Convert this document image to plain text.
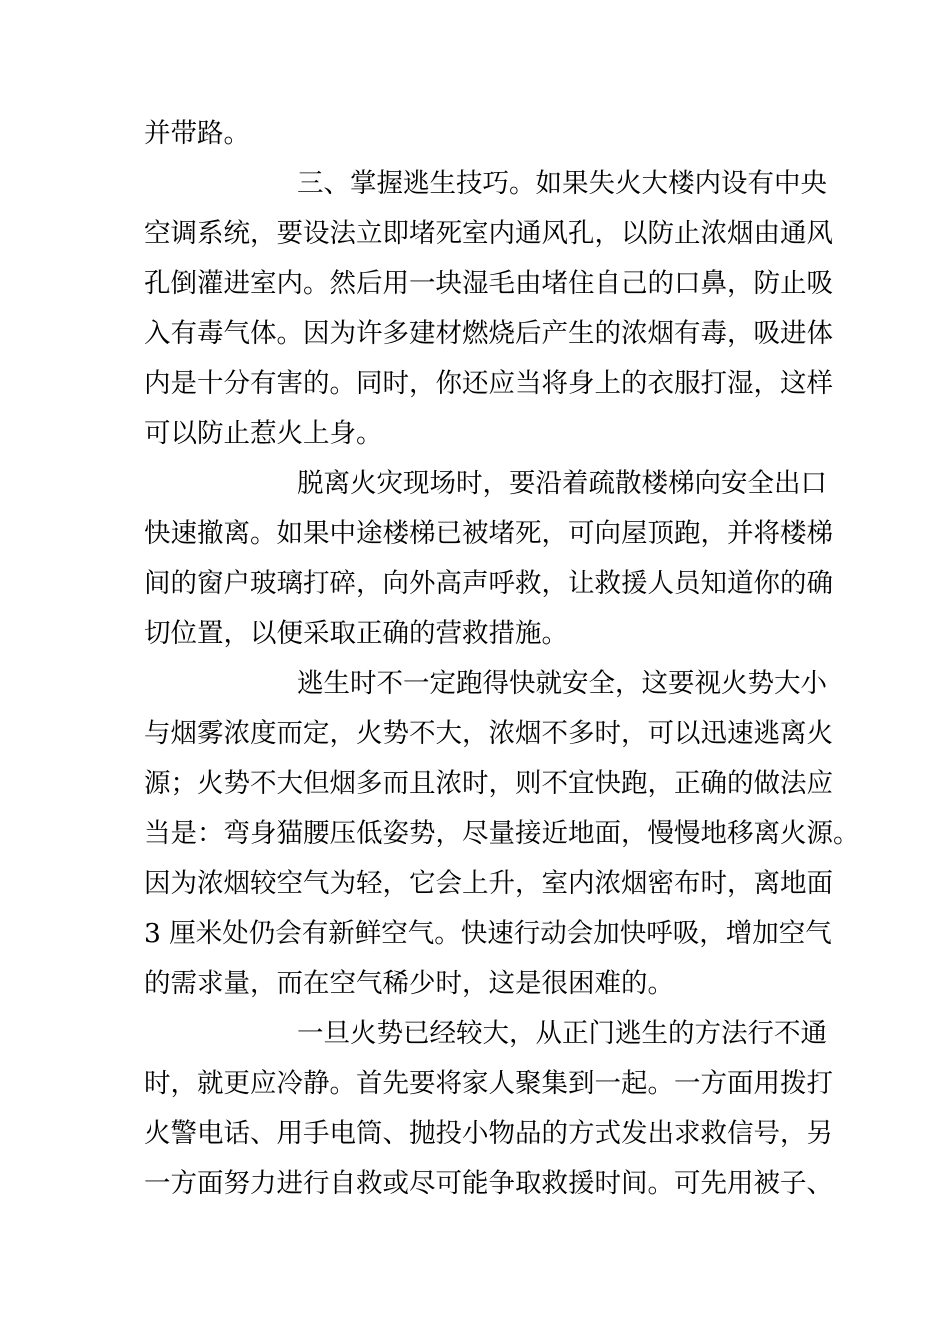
并带路。
三、掌握逃生技巧。如果失火大楼内设有中央
空调系统，要设法立即堵死室内通风孔，以防止浓烟由通风
孔倒灌进室内。然后用一块湿毛由堵住自己的口鼻，防止吸
入有毒气体。因为许多建材燃烧后产生的浓烟有毒，吸进体
内是十分有害的。同时，你还应当将身上的衣服打湿，这样
可以防止惹火上身。
脱离火灾现场时，要沿着疏散楼梯向安全出口
快速撤离。如果中途楼梯已被堵死，可向屋顶跑，并将楼梯
间的窗户玻璃打碎，向外高声呼救，让救援人员知道你的确
切位置，以便采取正确的营救措施。
逃生时不一定跑得快就安全，这要视火势大小
与烟雾浓度而定，火势不大，浓烟不多时，可以迅速逃离火
源；火势不大但烟多而且浓时，则不宜快跑，正确的做法应
当是：弯身猫腰压低姿势，尽量接近地面，慢慢地移离火源。
因为浓烟较空气为轻，它会上升，室内浓烟密布时，离地面
3 厘米处仍会有新鲜空气。快速行动会加快呼吸，增加空气
的需求量，而在空气稀少时，这是很困难的。
一旦火势已经较大，从正门逃生的方法行不通
时，就更应冷静。首先要将家人聚集到一起。一方面用拨打
火警电话、用手电筒、抛投小物品的方式发出求救信号，另
一方面努力进行自救或尽可能争取救援时间。可先用被子、
